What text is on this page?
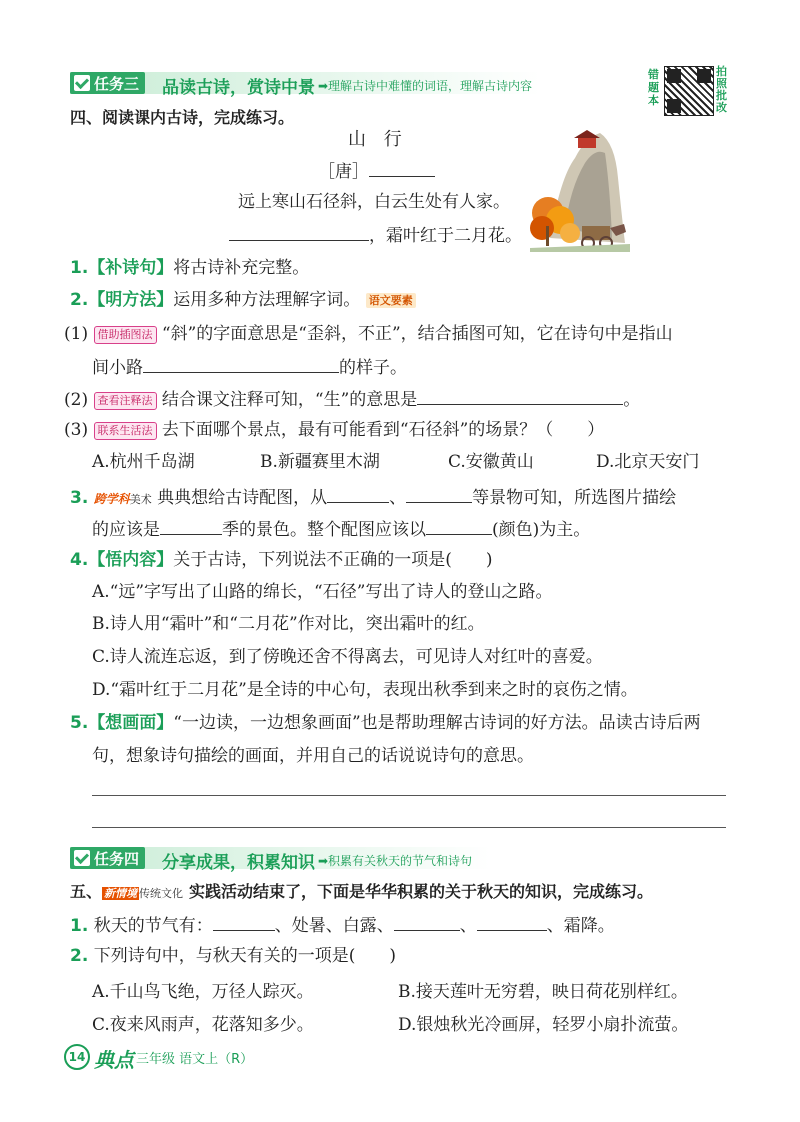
任务三 品读古诗，赏诗中景 ➡理解古诗中难懂的词语，理解古诗内容
错题本
拍照批改
四、阅读课内古诗，完成练习。
山 行
［唐］
远上寒山石径斜，白云生处有人家。
，霜叶红于二月花。
1.【补诗句】将古诗补充完整。
2.【明方法】运用多种方法理解字词。 语文要素
(1) 借助插图法 “斜”的字面意思是“歪斜，不正”，结合插图可知，它在诗句中是指山
间小路	的样子。
(2) 查看注释法 结合课文注释可知，“生”的意思是	。
(3) 联系生活法 去下面哪个景点，最有可能看到“石径斜”的场景？（　　）
A.杭州千岛湖	B.新疆赛里木湖	C.安徽黄山	D.北京天安门
3. 跨学科美术 典典想给古诗配图，从	、	等景物可知，所选图片描绘
的应该是	季的景色。整个配图应该以	(颜色)为主。
4.【悟内容】关于古诗，下列说法不正确的一项是(　　)
A.“远”字写出了山路的绵长，“石径”写出了诗人的登山之路。
B.诗人用“霜叶”和“二月花”作对比，突出霜叶的红。
C.诗人流连忘返，到了傍晚还舍不得离去，可见诗人对红叶的喜爱。
D.“霜叶红于二月花”是全诗的中心句，表现出秋季到来之时的哀伤之情。
5.【想画面】“一边读，一边想象画面”也是帮助理解古诗词的好方法。品读古诗后两
句，想象诗句描绘的画面，并用自己的话说说诗句的意思。
任务四 分享成果，积累知识 ➡积累有关秋天的节气和诗句
五、 新情境 传统文化 实践活动结束了，下面是华华积累的关于秋天的知识，完成练习。
1. 秋天的节气有：	、处暑、白露、	、	、霜降。
2. 下列诗句中，与秋天有关的一项是(　　)
A.千山鸟飞绝，万径人踪灭。	B.接天莲叶无穷碧，映日荷花别样红。
C.夜来风雨声，花落知多少。	D.银烛秋光冷画屏，轻罗小扇扑流萤。
14 典点 三年级 语文上（R）
